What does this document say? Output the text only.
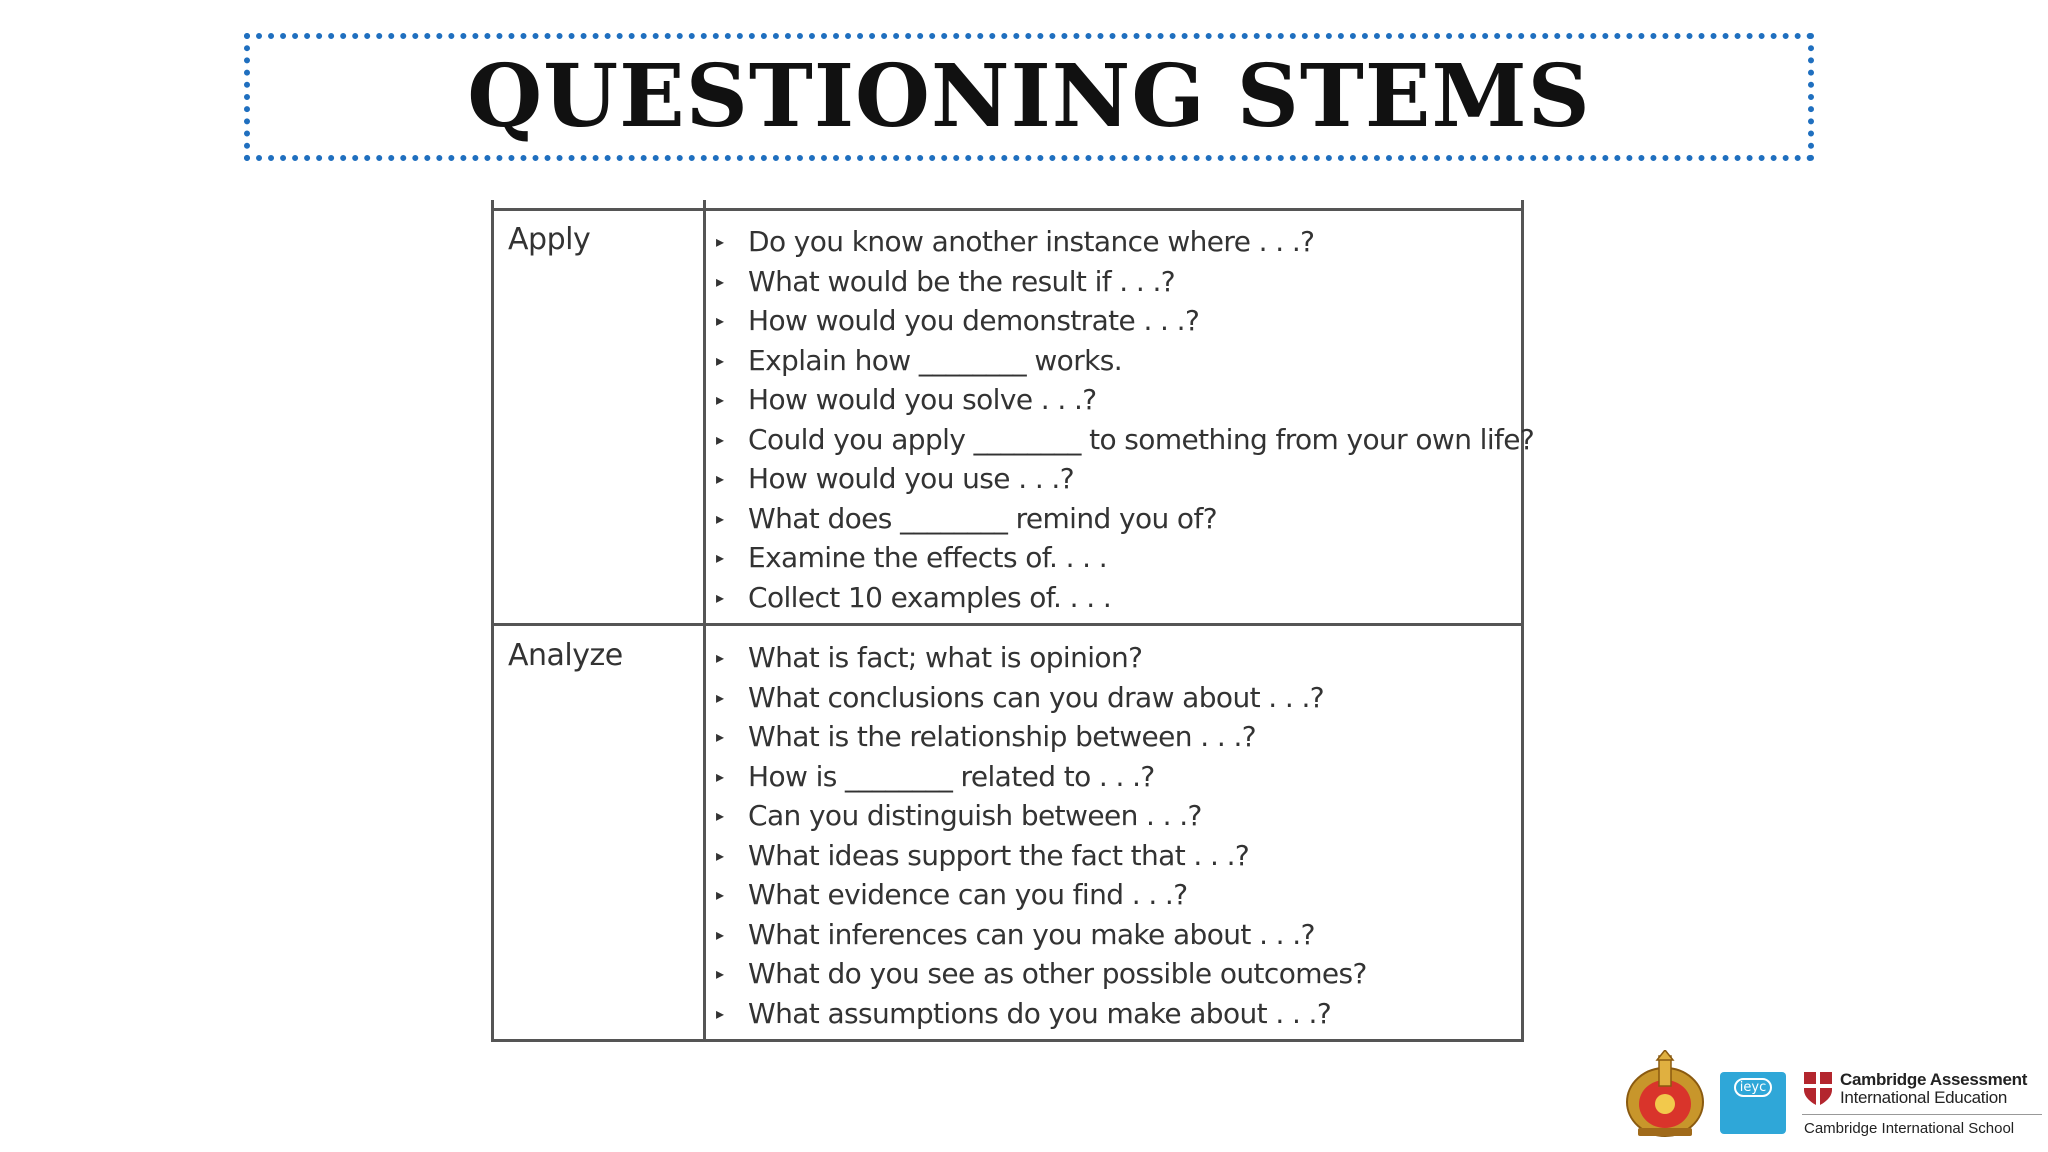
QUESTIONING STEMS
Apply	▸ Do you know another instance where . . .?
▸ What would be the result if . . .?
▸ How would you demonstrate . . .?
▸ Explain how ________ works.
▸ How would you solve . . .?
▸ Could you apply ________ to something from your own life?
▸ How would you use . . .?
▸ What does ________ remind you of?
▸ Examine the effects of. . . .
▸ Collect 10 examples of. . . .
Analyze	▸ What is fact; what is opinion?
▸ What conclusions can you draw about . . .?
▸ What is the relationship between . . .?
▸ How is ________ related to . . .?
▸ Can you distinguish between . . .?
▸ What ideas support the fact that . . .?
▸ What evidence can you find . . .?
▸ What inferences can you make about . . .?
▸ What do you see as other possible outcomes?
▸ What assumptions do you make about . . .?
ieyc	Cambridge Assessment
International Education
Cambridge International School
